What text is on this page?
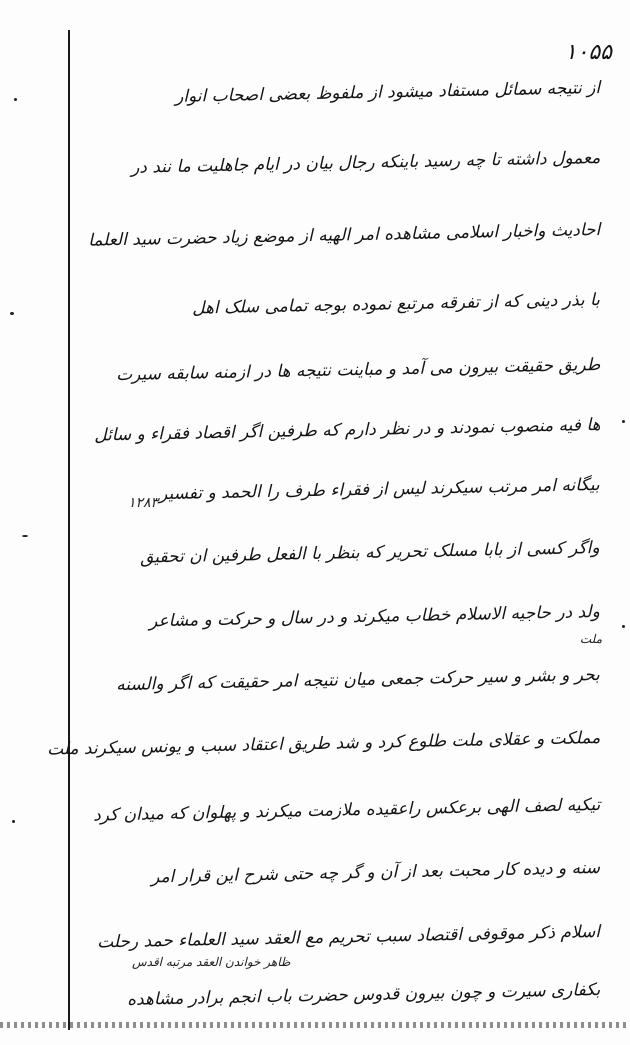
۱۰۵۵
از نتیجه سمائل مستفاد میشود از ملفوظ بعضی اصحاب انوار
معمول داشته تا چه رسید باینکه رجال بیان در ایام جاهلیت ما نند در
احادیث واخبار اسلامی مشاهده امر الهیه از موضع زیاد حضرت سید العلما
با بذر دینی که از تفرقه مرتبع نموده بوجه تمامی سلک اهل
طریق حقیقت بیرون می آمد و مباینت نتیجه ها در ازمنه سابقه سیرت
ها فیه منصوب نمودند و در نظر دارم که طرفین اگر اقصاد فقراء و سائل
بیگانه امر مرتب سیکرند لیس از فقراء طرف را الحمد و تفسیر
واگر کسی از بابا مسلک تحریر که بنظر با الفعل طرفین ان تحقیق
ولد در حاجیه الاسلام خطاب میکرند و در سال و حرکت و مشاعر
بحر و بشر و سیر حرکت جمعی میان نتیجه امر حقیقت که اگر والسنه
مملکت و عقلای ملت طلوع کرد و شد طریق اعتقاد سبب و یونس سیکرند ملت
تیکیه لصف الهی برعکس راعقیده ملازمت میکرند و پهلوان که میدان کرد
سنه و دیده کار محبت بعد از آن و گر چه حتی شرح این قرار امر
اسلام ذکر موقوفی اقتصاد سبب تحریم مع العقد سید العلماء حمد رحلت
بکفاری سیرت و چون بیرون قدوس حضرت باب انجم برادر مشاهده
ملت
ظاهر خواندن العقد مرتبه اقدس
۱۲۸۳
